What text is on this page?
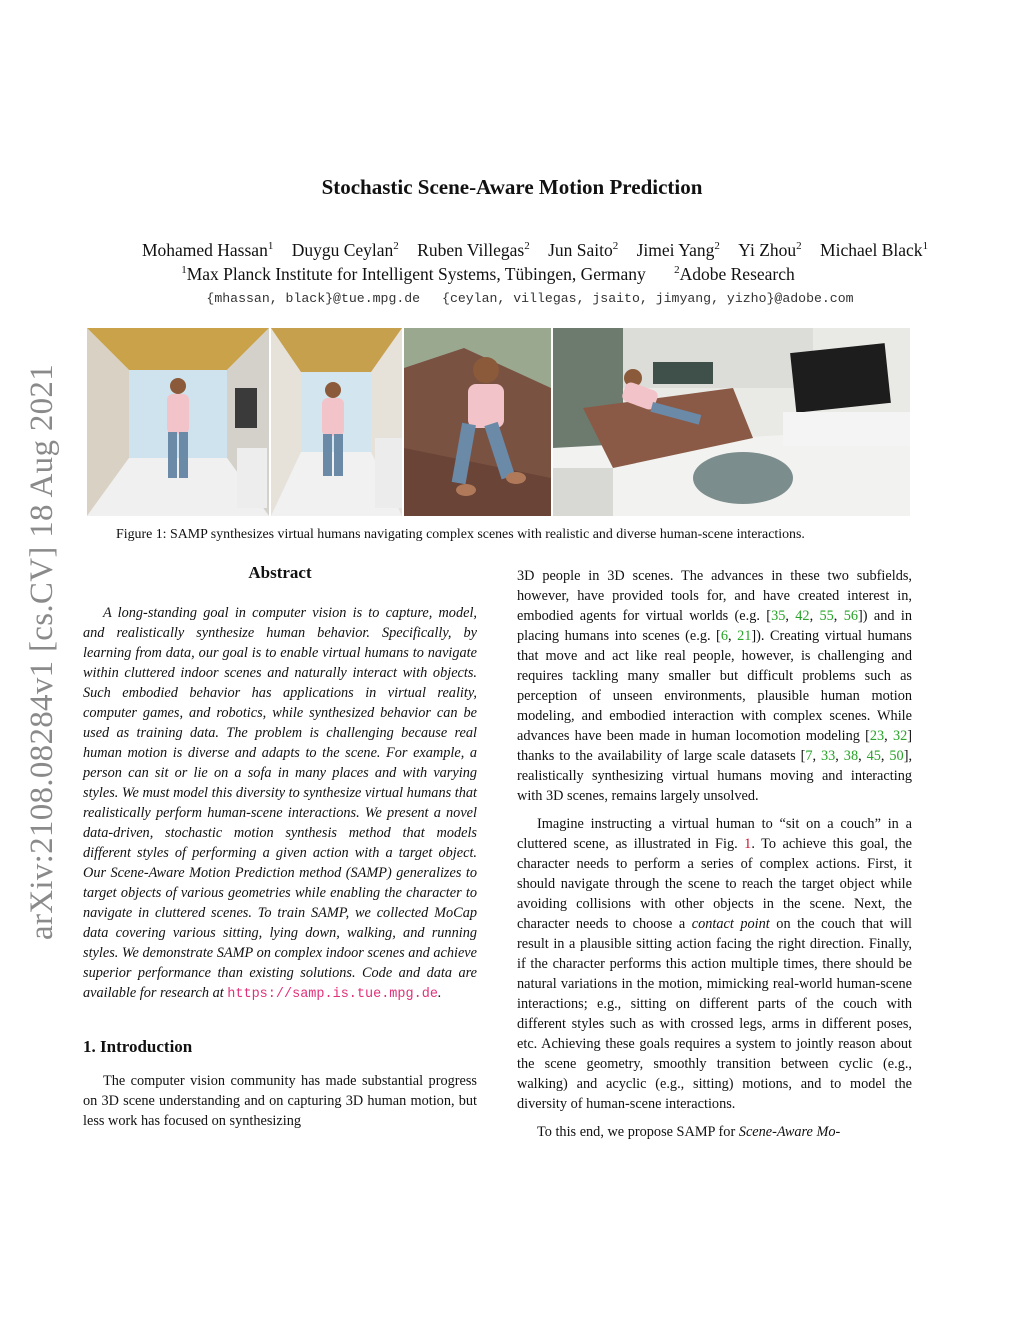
arXiv:2108.08284v1 [cs.CV] 18 Aug 2021
Stochastic Scene-Aware Motion Prediction
Mohamed Hassan$^1$ Duygu Ceylan$^2$ Ruben Villegas$^2$ Jun Saito$^2$ Jimei Yang$^2$ Yi Zhou$^2$ Michael Black$^1$
$^1$Max Planck Institute for Intelligent Systems, Tübingen, Germany	$^2$Adobe Research
{mhassan, black}@tue.mpg.de {ceylan, villegas, jsaito, jimyang, yizho}@adobe.com
Figure 1: SAMP synthesizes virtual humans navigating complex scenes with realistic and diverse human-scene interactions.
Abstract

A long-standing goal in computer vision is to capture, model, and realistically synthesize human behavior. Specifically, by learning from data, our goal is to enable virtual humans to navigate within cluttered indoor scenes and naturally interact with objects. Such embodied behavior has applications in virtual reality, computer games, and robotics, while synthesized behavior can be used as training data. The problem is challenging because real human motion is diverse and adapts to the scene. For example, a person can sit or lie on a sofa in many places and with varying styles. We must model this diversity to synthesize virtual humans that realistically perform human-scene interactions. We present a novel data-driven, stochastic motion synthesis method that models different styles of performing a given action with a target object. Our Scene-Aware Motion Prediction method (SAMP) generalizes to target objects of various geometries while enabling the character to navigate in cluttered scenes. To train SAMP, we collected MoCap data covering various sitting, lying down, walking, and running styles. We demonstrate SAMP on complex indoor scenes and achieve superior performance than existing solutions. Code and data are available for research at https://samp.is.tue.mpg.de.

1. Introduction

The computer vision community has made substantial progress on 3D scene understanding and on capturing 3D human motion, but less work has focused on synthesizing

3D people in 3D scenes. The advances in these two subfields, however, have provided tools for, and have created interest in, embodied agents for virtual worlds (e.g. [35, 42, 55, 56]) and in placing humans into scenes (e.g. [6, 21]). Creating virtual humans that move and act like real people, however, is challenging and requires tackling many smaller but difficult problems such as perception of unseen environments, plausible human motion modeling, and embodied interaction with complex scenes. While advances have been made in human locomotion modeling [23, 32] thanks to the availability of large scale datasets [7, 33, 38, 45, 50], realistically synthesizing virtual humans moving and interacting with 3D scenes, remains largely unsolved.

Imagine instructing a virtual human to “sit on a couch” in a cluttered scene, as illustrated in Fig. 1. To achieve this goal, the character needs to perform a series of complex actions. First, it should navigate through the scene to reach the target object while avoiding collisions with other objects in the scene. Next, the character needs to choose a contact point on the couch that will result in a plausible sitting action facing the right direction. Finally, if the character performs this action multiple times, there should be natural variations in the motion, mimicking real-world human-scene interactions; e.g., sitting on different parts of the couch with different styles such as with crossed legs, arms in different poses, etc. Achieving these goals requires a system to jointly reason about the scene geometry, smoothly transition between cyclic (e.g., walking) and acyclic (e.g., sitting) motions, and to model the diversity of human-scene interactions.

To this end, we propose SAMP for Scene-Aware Mo-
